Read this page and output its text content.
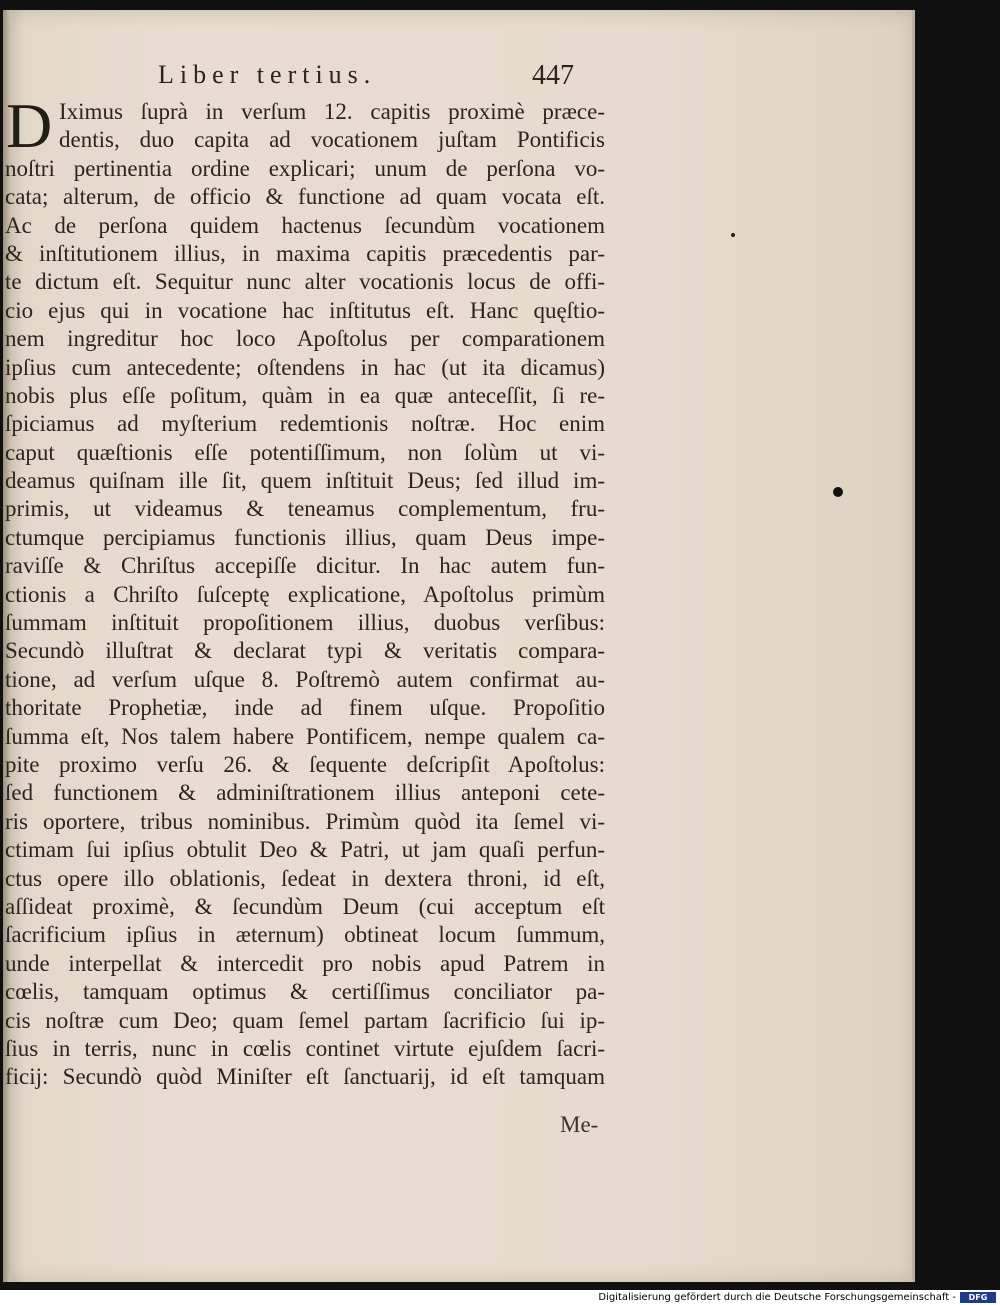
Liber tertius.	447
D Iximus ſuprà in verſum 12. capitis proximè præce-
dentis, duo capita ad vocationem juſtam Pontificis
noſtri pertinentia ordine explicari; unum de perſona vo-
cata; alterum, de officio & functione ad quam vocata eſt.
Ac de perſona quidem hactenus ſecundùm vocationem
& inſtitutionem illius, in maxima capitis præcedentis par-
te dictum eſt. Sequitur nunc alter vocationis locus de offi-
cio ejus qui in vocatione hac inſtitutus eſt. Hanc quęſtio-
nem ingreditur hoc loco Apoſtolus per comparationem
ipſius cum antecedente; oſtendens in hac (ut ita dicamus)
nobis plus eſſe poſitum, quàm in ea quæ anteceſſit, ſi re-
ſpiciamus ad myſterium redemtionis noſtræ. Hoc enim
caput quæſtionis eſſe potentiſſimum, non ſolùm ut vi-
deamus quiſnam ille ſit, quem inſtituit Deus; ſed illud im-
primis, ut videamus & teneamus complementum, fru-
ctumque percipiamus functionis illius, quam Deus impe-
raviſſe & Chriſtus accepiſſe dicitur. In hac autem fun-
ctionis a Chriſto ſuſceptę explicatione, Apoſtolus primùm
ſummam inſtituit propoſitionem illius, duobus verſibus:
Secundò illuſtrat & declarat typi & veritatis compara-
tione, ad verſum uſque 8. Poſtremò autem confirmat au-
thoritate Prophetiæ, inde ad finem uſque. Propoſitio
ſumma eſt, Nos talem habere Pontificem, nempe qualem ca-
pite proximo verſu 26. & ſequente deſcripſit Apoſtolus:
ſed functionem & adminiſtrationem illius anteponi cete-
ris oportere, tribus nominibus. Primùm quòd ita ſemel vi-
ctimam ſui ipſius obtulit Deo & Patri, ut jam quaſi perfun-
ctus opere illo oblationis, ſedeat in dextera throni, id eſt,
aſſideat proximè, & ſecundùm Deum (cui acceptum eſt
ſacrificium ipſius in æternum) obtineat locum ſummum,
unde interpellat & intercedit pro nobis apud Patrem in
cœlis, tamquam optimus & certiſſimus conciliator pa-
cis noſtræ cum Deo; quam ſemel partam ſacrificio ſui ip-
ſius in terris, nunc in cœlis continet virtute ejuſdem ſacri-
ficij: Secundò quòd Miniſter eſt ſanctuarij, id eſt tamquam
Me-
Digitalisierung gefördert durch die Deutsche Forschungsgemeinschaft -	DFG
